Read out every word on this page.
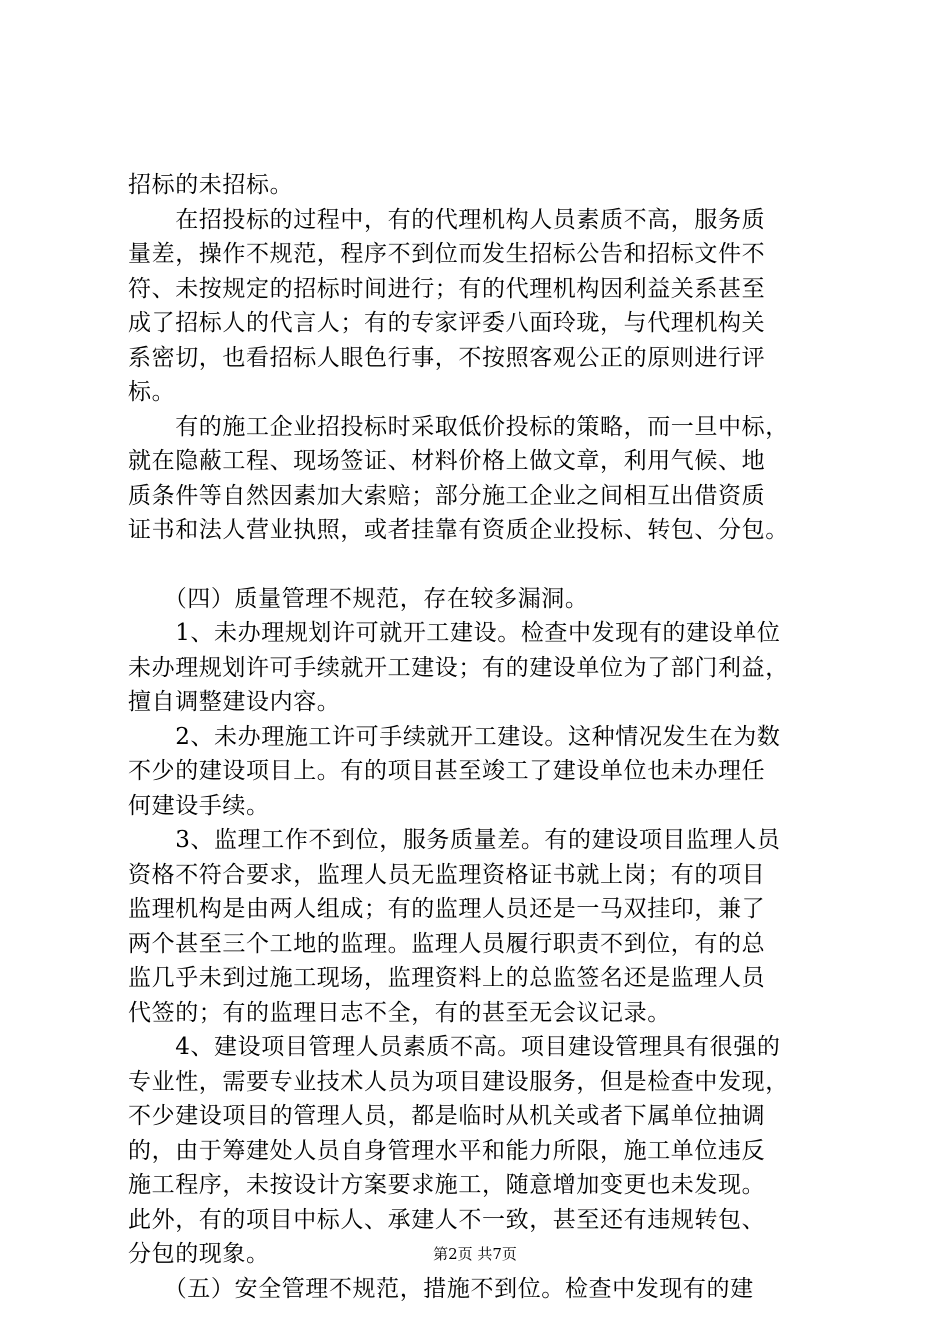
招标的未招标。
　　在招投标的过程中，有的代理机构人员素质不高，服务质
量差，操作不规范，程序不到位而发生招标公告和招标文件不
符、未按规定的招标时间进行；有的代理机构因利益关系甚至
成了招标人的代言人；有的专家评委八面玲珑，与代理机构关
系密切，也看招标人眼色行事，不按照客观公正的原则进行评
标。
　　有的施工企业招投标时采取低价投标的策略，而一旦中标，
就在隐蔽工程、现场签证、材料价格上做文章，利用气候、地
质条件等自然因素加大索赔；部分施工企业之间相互出借资质
证书和法人营业执照，或者挂靠有资质企业投标、转包、分包。
　　（四）质量管理不规范，存在较多漏洞。
　　1、未办理规划许可就开工建设。检查中发现有的建设单位
未办理规划许可手续就开工建设；有的建设单位为了部门利益，
擅自调整建设内容。
　　2、未办理施工许可手续就开工建设。这种情况发生在为数
不少的建设项目上。有的项目甚至竣工了建设单位也未办理任
何建设手续。
　　3、监理工作不到位，服务质量差。有的建设项目监理人员
资格不符合要求，监理人员无监理资格证书就上岗；有的项目
监理机构是由两人组成；有的监理人员还是一马双挂印，兼了
两个甚至三个工地的监理。监理人员履行职责不到位，有的总
监几乎未到过施工现场，监理资料上的总监签名还是监理人员
代签的；有的监理日志不全，有的甚至无会议记录。
　　4、建设项目管理人员素质不高。项目建设管理具有很强的
专业性，需要专业技术人员为项目建设服务，但是检查中发现，
不少建设项目的管理人员，都是临时从机关或者下属单位抽调
的，由于筹建处人员自身管理水平和能力所限，施工单位违反
施工程序，未按设计方案要求施工，随意增加变更也未发现。
此外，有的项目中标人、承建人不一致，甚至还有违规转包、
分包的现象。
　　（五）安全管理不规范，措施不到位。检查中发现有的建
第2页 共7页
